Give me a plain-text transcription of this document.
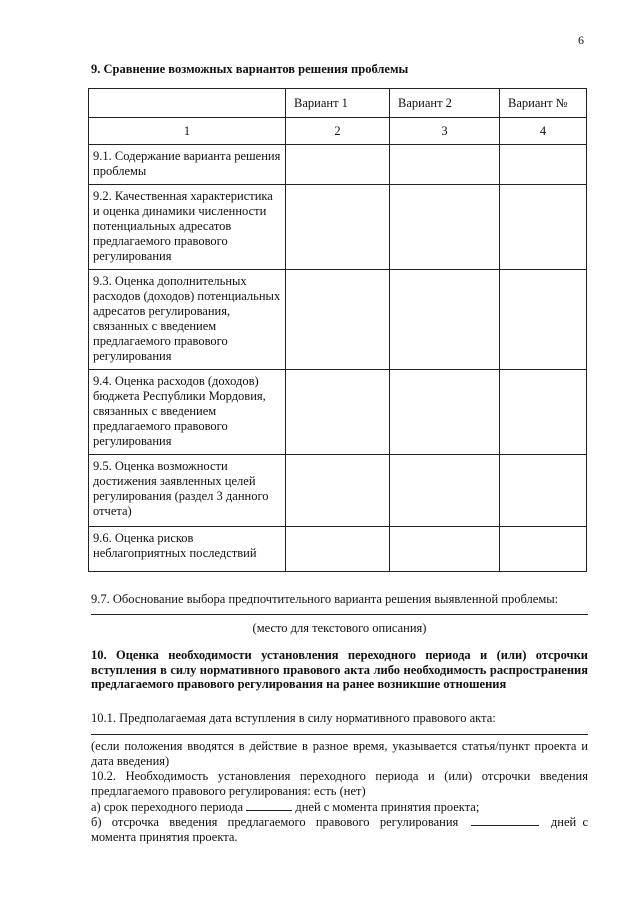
6
9. Сравнение возможных вариантов решения проблемы
	Вариант 1	Вариант 2	Вариант №
1	2	3	4
9.1. Содержание варианта решения проблемы			
9.2. Качественная характеристика и оценка динамики численности потенциальных адресатов предлагаемого правового регулирования			
9.3. Оценка дополнительных расходов (доходов) потенциальных адресатов регулирования, связанных с введением предлагаемого правового регулирования			
9.4. Оценка расходов (доходов) бюджета Республики Мордовия, связанных с введением предлагаемого правового регулирования			
9.5. Оценка возможности достижения заявленных целей регулирования (раздел 3 данного отчета)			
9.6. Оценка рисков неблагоприятных последствий			
9.7. Обоснование выбора предпочтительного варианта решения выявленной проблемы:
(место для текстового описания)
10. Оценка необходимости установления переходного периода и (или) отсрочки вступления в силу нормативного правового акта либо необходимость распространения предлагаемого правового регулирования на ранее возникшие отношения
10.1. Предполагаемая дата вступления в силу нормативного правового акта:
(если положения вводятся в действие в разное время, указывается статья/пункт проекта и дата введения)
10.2. Необходимость установления переходного периода и (или) отсрочки введения предлагаемого правового регулирования: есть (нет)
а) срок переходного периода	дней с момента принятия проекта;
б) отсрочка введения предлагаемого правового регулирования	дней с момента принятия проекта.
